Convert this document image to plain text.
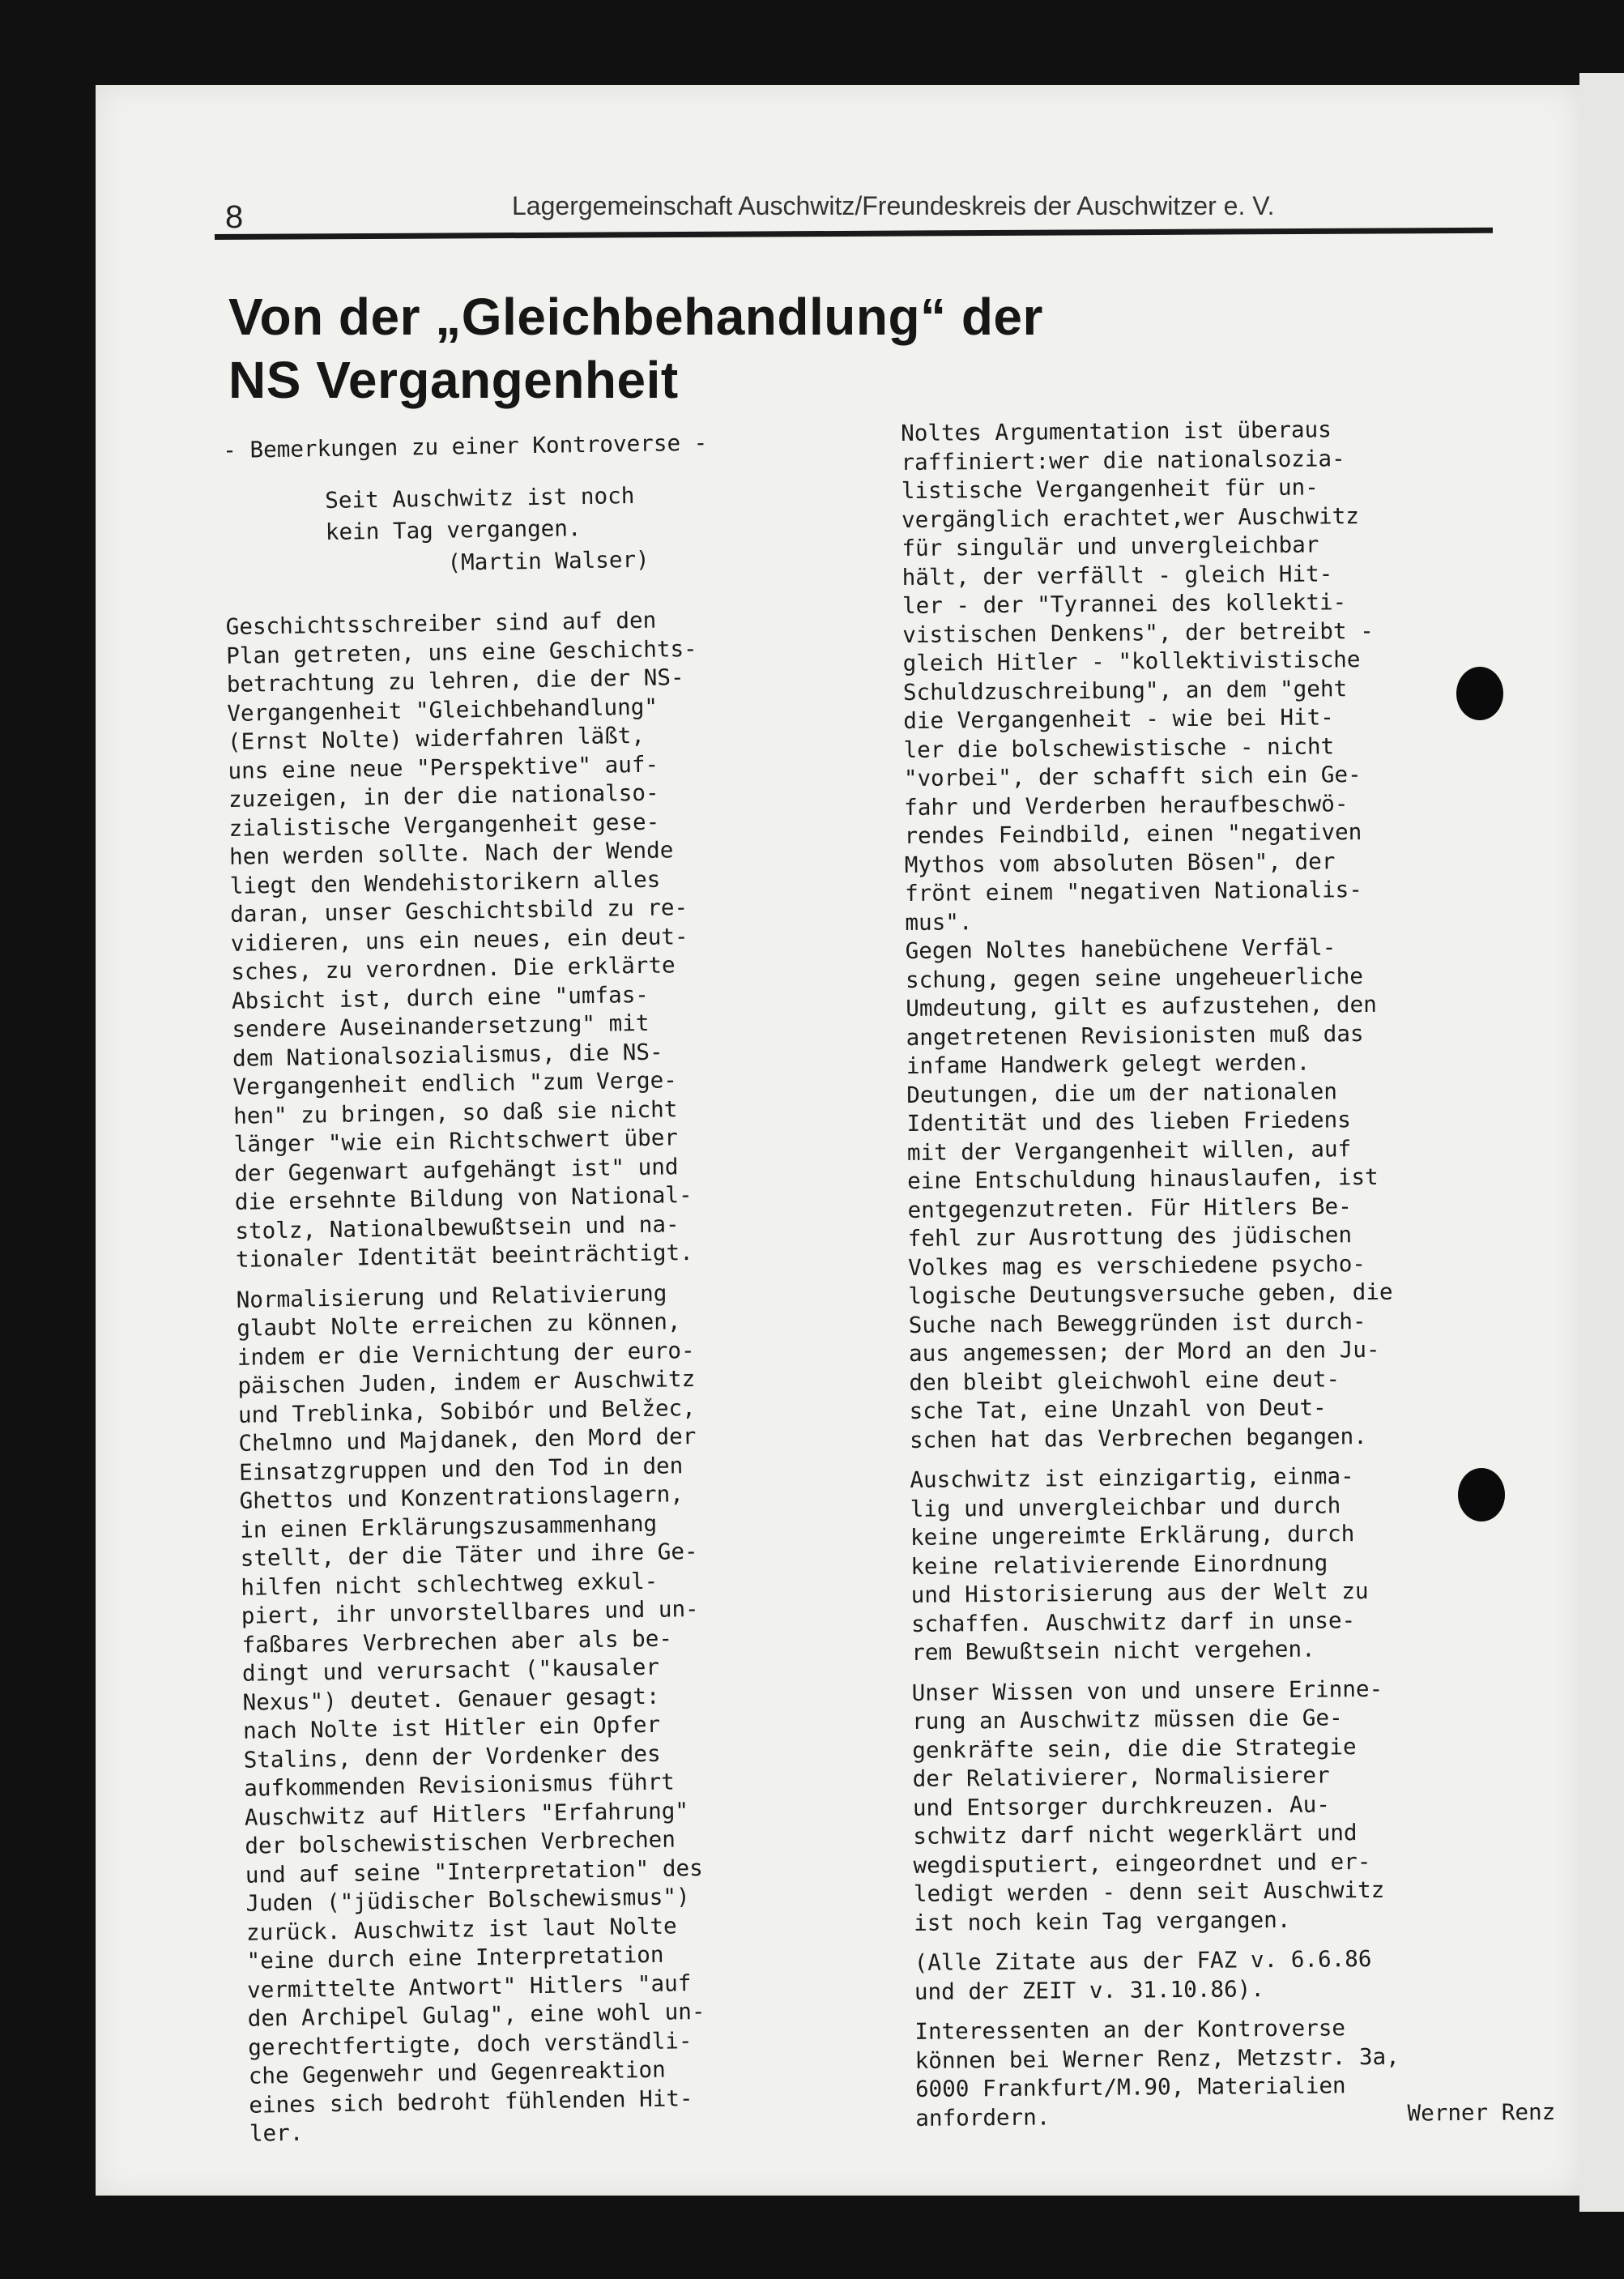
8	Lagergemeinschaft Auschwitz/Freundeskreis der Auschwitzer e. V.
Von der „Gleichbehandlung“ der
NS Vergangenheit

- Bemerkungen zu einer Kontroverse -

Seit Auschwitz ist noch

kein Tag vergangen.

(Martin Walser)

Geschichtsschreiber sind auf den
Plan getreten, uns eine Geschichts-
betrachtung zu lehren, die der NS-
Vergangenheit "Gleichbehandlung"
(Ernst Nolte) widerfahren läßt,
uns eine neue "Perspektive" auf-
zuzeigen, in der die nationalso-
zialistische Vergangenheit gese-
hen werden sollte. Nach der Wende
liegt den Wendehistorikern alles
daran, unser Geschichtsbild zu re-
vidieren, uns ein neues, ein deut-
sches, zu verordnen. Die erklärte
Absicht ist, durch eine "umfas-
sendere Auseinandersetzung" mit
dem Nationalsozialismus, die NS-
Vergangenheit endlich "zum Verge-
hen" zu bringen, so daß sie nicht
länger "wie ein Richtschwert über
der Gegenwart aufgehängt ist" und
die ersehnte Bildung von National-
stolz, Nationalbewußtsein und na-
tionaler Identität beeinträchtigt.

Normalisierung und Relativierung
glaubt Nolte erreichen zu können,
indem er die Vernichtung der euro-
päischen Juden, indem er Auschwitz
und Treblinka, Sobibór und Belžec,
Chelmno und Majdanek, den Mord der
Einsatzgruppen und den Tod in den
Ghettos und Konzentrationslagern,
in einen Erklärungszusammenhang
stellt, der die Täter und ihre Ge-
hilfen nicht schlechtweg exkul-
piert, ihr unvorstellbares und un-
faßbares Verbrechen aber als be-
dingt und verursacht ("kausaler
Nexus") deutet. Genauer gesagt:
nach Nolte ist Hitler ein Opfer
Stalins, denn der Vordenker des
aufkommenden Revisionismus führt
Auschwitz auf Hitlers "Erfahrung"
der bolschewistischen Verbrechen
und auf seine "Interpretation" des
Juden ("jüdischer Bolschewismus")
zurück. Auschwitz ist laut Nolte
"eine durch eine Interpretation
vermittelte Antwort" Hitlers "auf
den Archipel Gulag", eine wohl un-
gerechtfertigte, doch verständli-
che Gegenwehr und Gegenreaktion
eines sich bedroht fühlenden Hit-
ler.

Noltes Argumentation ist überaus
raffiniert:wer die nationalsozia-
listische Vergangenheit für un-
vergänglich erachtet,wer Auschwitz
für singulär und unvergleichbar
hält, der verfällt - gleich Hit-
ler - der "Tyrannei des kollekti-
vistischen Denkens", der betreibt -
gleich Hitler - "kollektivistische
Schuldzuschreibung", an dem "geht
die Vergangenheit - wie bei Hit-
ler die bolschewistische - nicht
"vorbei", der schafft sich ein Ge-
fahr und Verderben heraufbeschwö-
rendes Feindbild, einen "negativen
Mythos vom absoluten Bösen", der
frönt einem "negativen Nationalis-
mus".
Gegen Noltes hanebüchene Verfäl-
schung, gegen seine ungeheuerliche
Umdeutung, gilt es aufzustehen, den
angetretenen Revisionisten muß das
infame Handwerk gelegt werden.
Deutungen, die um der nationalen
Identität und des lieben Friedens
mit der Vergangenheit willen, auf
eine Entschuldung hinauslaufen, ist
entgegenzutreten. Für Hitlers Be-
fehl zur Ausrottung des jüdischen
Volkes mag es verschiedene psycho-
logische Deutungsversuche geben, die
Suche nach Beweggründen ist durch-
aus angemessen; der Mord an den Ju-
den bleibt gleichwohl eine deut-
sche Tat, eine Unzahl von Deut-
schen hat das Verbrechen begangen.

Auschwitz ist einzigartig, einma-
lig und unvergleichbar und durch
keine ungereimte Erklärung, durch
keine relativierende Einordnung
und Historisierung aus der Welt zu
schaffen. Auschwitz darf in unse-
rem Bewußtsein nicht vergehen.

Unser Wissen von und unsere Erinne-
rung an Auschwitz müssen die Ge-
genkräfte sein, die die Strategie
der Relativierer, Normalisierer
und Entsorger durchkreuzen. Au-
schwitz darf nicht wegerklärt und
wegdisputiert, eingeordnet und er-
ledigt werden - denn seit Auschwitz
ist noch kein Tag vergangen.

(Alle Zitate aus der FAZ v. 6.6.86
und der ZEIT v. 31.10.86).

Interessenten an der Kontroverse
können bei Werner Renz, Metzstr. 3a,
6000 Frankfurt/M.90, Materialien
anfordern.	Werner Renz
